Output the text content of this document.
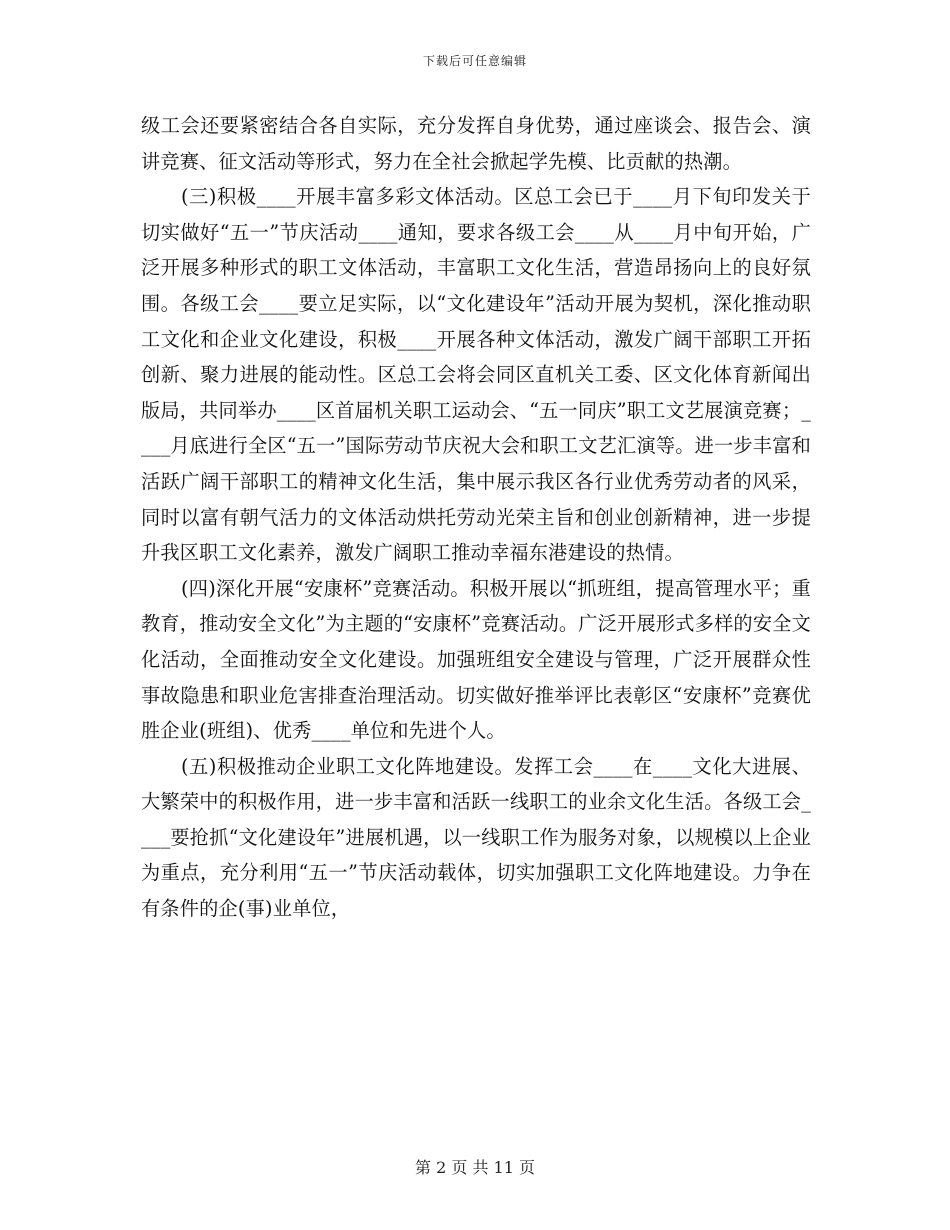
下载后可任意编辑

级工会还要紧密结合各自实际，充分发挥自身优势，通过座谈会、报告会、演讲竞赛、征文活动等形式，努力在全社会掀起学先模、比贡献的热潮。

(三)积极____开展丰富多彩文体活动。区总工会已于____月下旬印发关于切实做好“五一”节庆活动____通知，要求各级工会____从____月中旬开始，广泛开展多种形式的职工文体活动，丰富职工文化生活，营造昂扬向上的良好氛围。各级工会____要立足实际，以“文化建设年”活动开展为契机，深化推动职工文化和企业文化建设，积极____开展各种文体活动，激发广阔干部职工开拓创新、聚力进展的能动性。区总工会将会同区直机关工委、区文化体育新闻出版局，共同举办____区首届机关职工运动会、“五一同庆”职工文艺展演竞赛；____月底进行全区“五一”国际劳动节庆祝大会和职工文艺汇演等。进一步丰富和活跃广阔干部职工的精神文化生活，集中展示我区各行业优秀劳动者的风采，同时以富有朝气活力的文体活动烘托劳动光荣主旨和创业创新精神，进一步提升我区职工文化素养，激发广阔职工推动幸福东港建设的热情。

(四)深化开展“安康杯”竞赛活动。积极开展以“抓班组，提高管理水平；重教育，推动安全文化”为主题的“安康杯”竞赛活动。广泛开展形式多样的安全文化活动，全面推动安全文化建设。加强班组安全建设与管理，广泛开展群众性事故隐患和职业危害排查治理活动。切实做好推举评比表彰区“安康杯”竞赛优胜企业(班组)、优秀____单位和先进个人。

(五)积极推动企业职工文化阵地建设。发挥工会____在____文化大进展、大繁荣中的积极作用，进一步丰富和活跃一线职工的业余文化生活。各级工会____要抢抓“文化建设年”进展机遇，以一线职工作为服务对象，以规模以上企业为重点，充分利用“五一”节庆活动载体，切实加强职工文化阵地建设。力争在有条件的企(事)业单位，

第 2 页 共 11 页
